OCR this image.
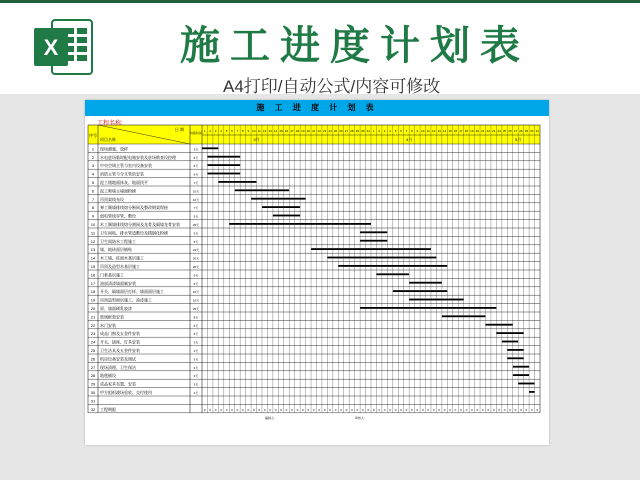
X	施工进度计划表
A4打印/自动公式/内容可修改
序号
日 期
项目名称
持续时间 1 2 3 4 5 6 7 8 9 10 11 12 13 14 15 16 17 18 19 20 21 22 23 24 25 26 27 28 29 30 31 1 2 3 4 5 6 7 8 9 10 11 12 13 14 15 16 17 18 19 20 21 22 23 24 25 26 27 28 29 30 31
3月	4月	5月
1 现场测量、放样	3天
2 水电进场临时配电箱安装及驻场勘查设控理	6天
3 中央空调主管与室内设备安装	6天
4 消防主管与分支管的安装	6天
5 泥工楼地面抹灰、地面找平	7天
6 泥工砌墙主墙面粉刷	10天
7 吊顶架线布设	10天
8 弹工顺墙排线熔分断网及整改钢架焊接	7天
9 弱电管线穿管、敷设	5天
10 木工顺墙排线熔分割网及龙骨及隔墙龙骨安装	26天
11 卫生间贴、排水管道敷设及精钢化粉刷	5天
12 卫生间防水工程施工	5天
13 墙、地砖面层铺贴	22天
14 木工墙、柱面木基层施工	20天
15 吊顶及造型木基层施工	20天
16 门套基层施工	6天
17 油部清漆墙面腻安装	6天
18 开关、隔墙面层打样、墙面面层施工	10天
19 吊顶造型面层施工、油漆施工	10天
20 原、墙面刷乳胶漆	25天
21 玻璃框架安装	8天
22 木门安装	5天
23 成品门窗及五金件安装	5天
24 开关、插座、灯具安装	3天
25 卫生洁具及五金件安装	3天
26 机房设备安装及调试	3天
27 现场清理、卫生保洁	3天
28 地毯铺设	3天
29 成品家具布置、安装	3天
30 甲方组织竣场验收、交付使用	1天
31
32 工程期限	0 0 0 0 0 0 0 0 0 0 0 0 0 0 0 0 0 0 0 0 0 0 0 0 0 0 0 0 0 0 0 0 0 0 0 0 0 0 0 0 0 0 0 0 0 0 0 0 0 0 0 0 0 0 0 0 0 0 0 0 0 0
编制人:	审核人:
施 工 进 度 计 划 表
工程名称:
